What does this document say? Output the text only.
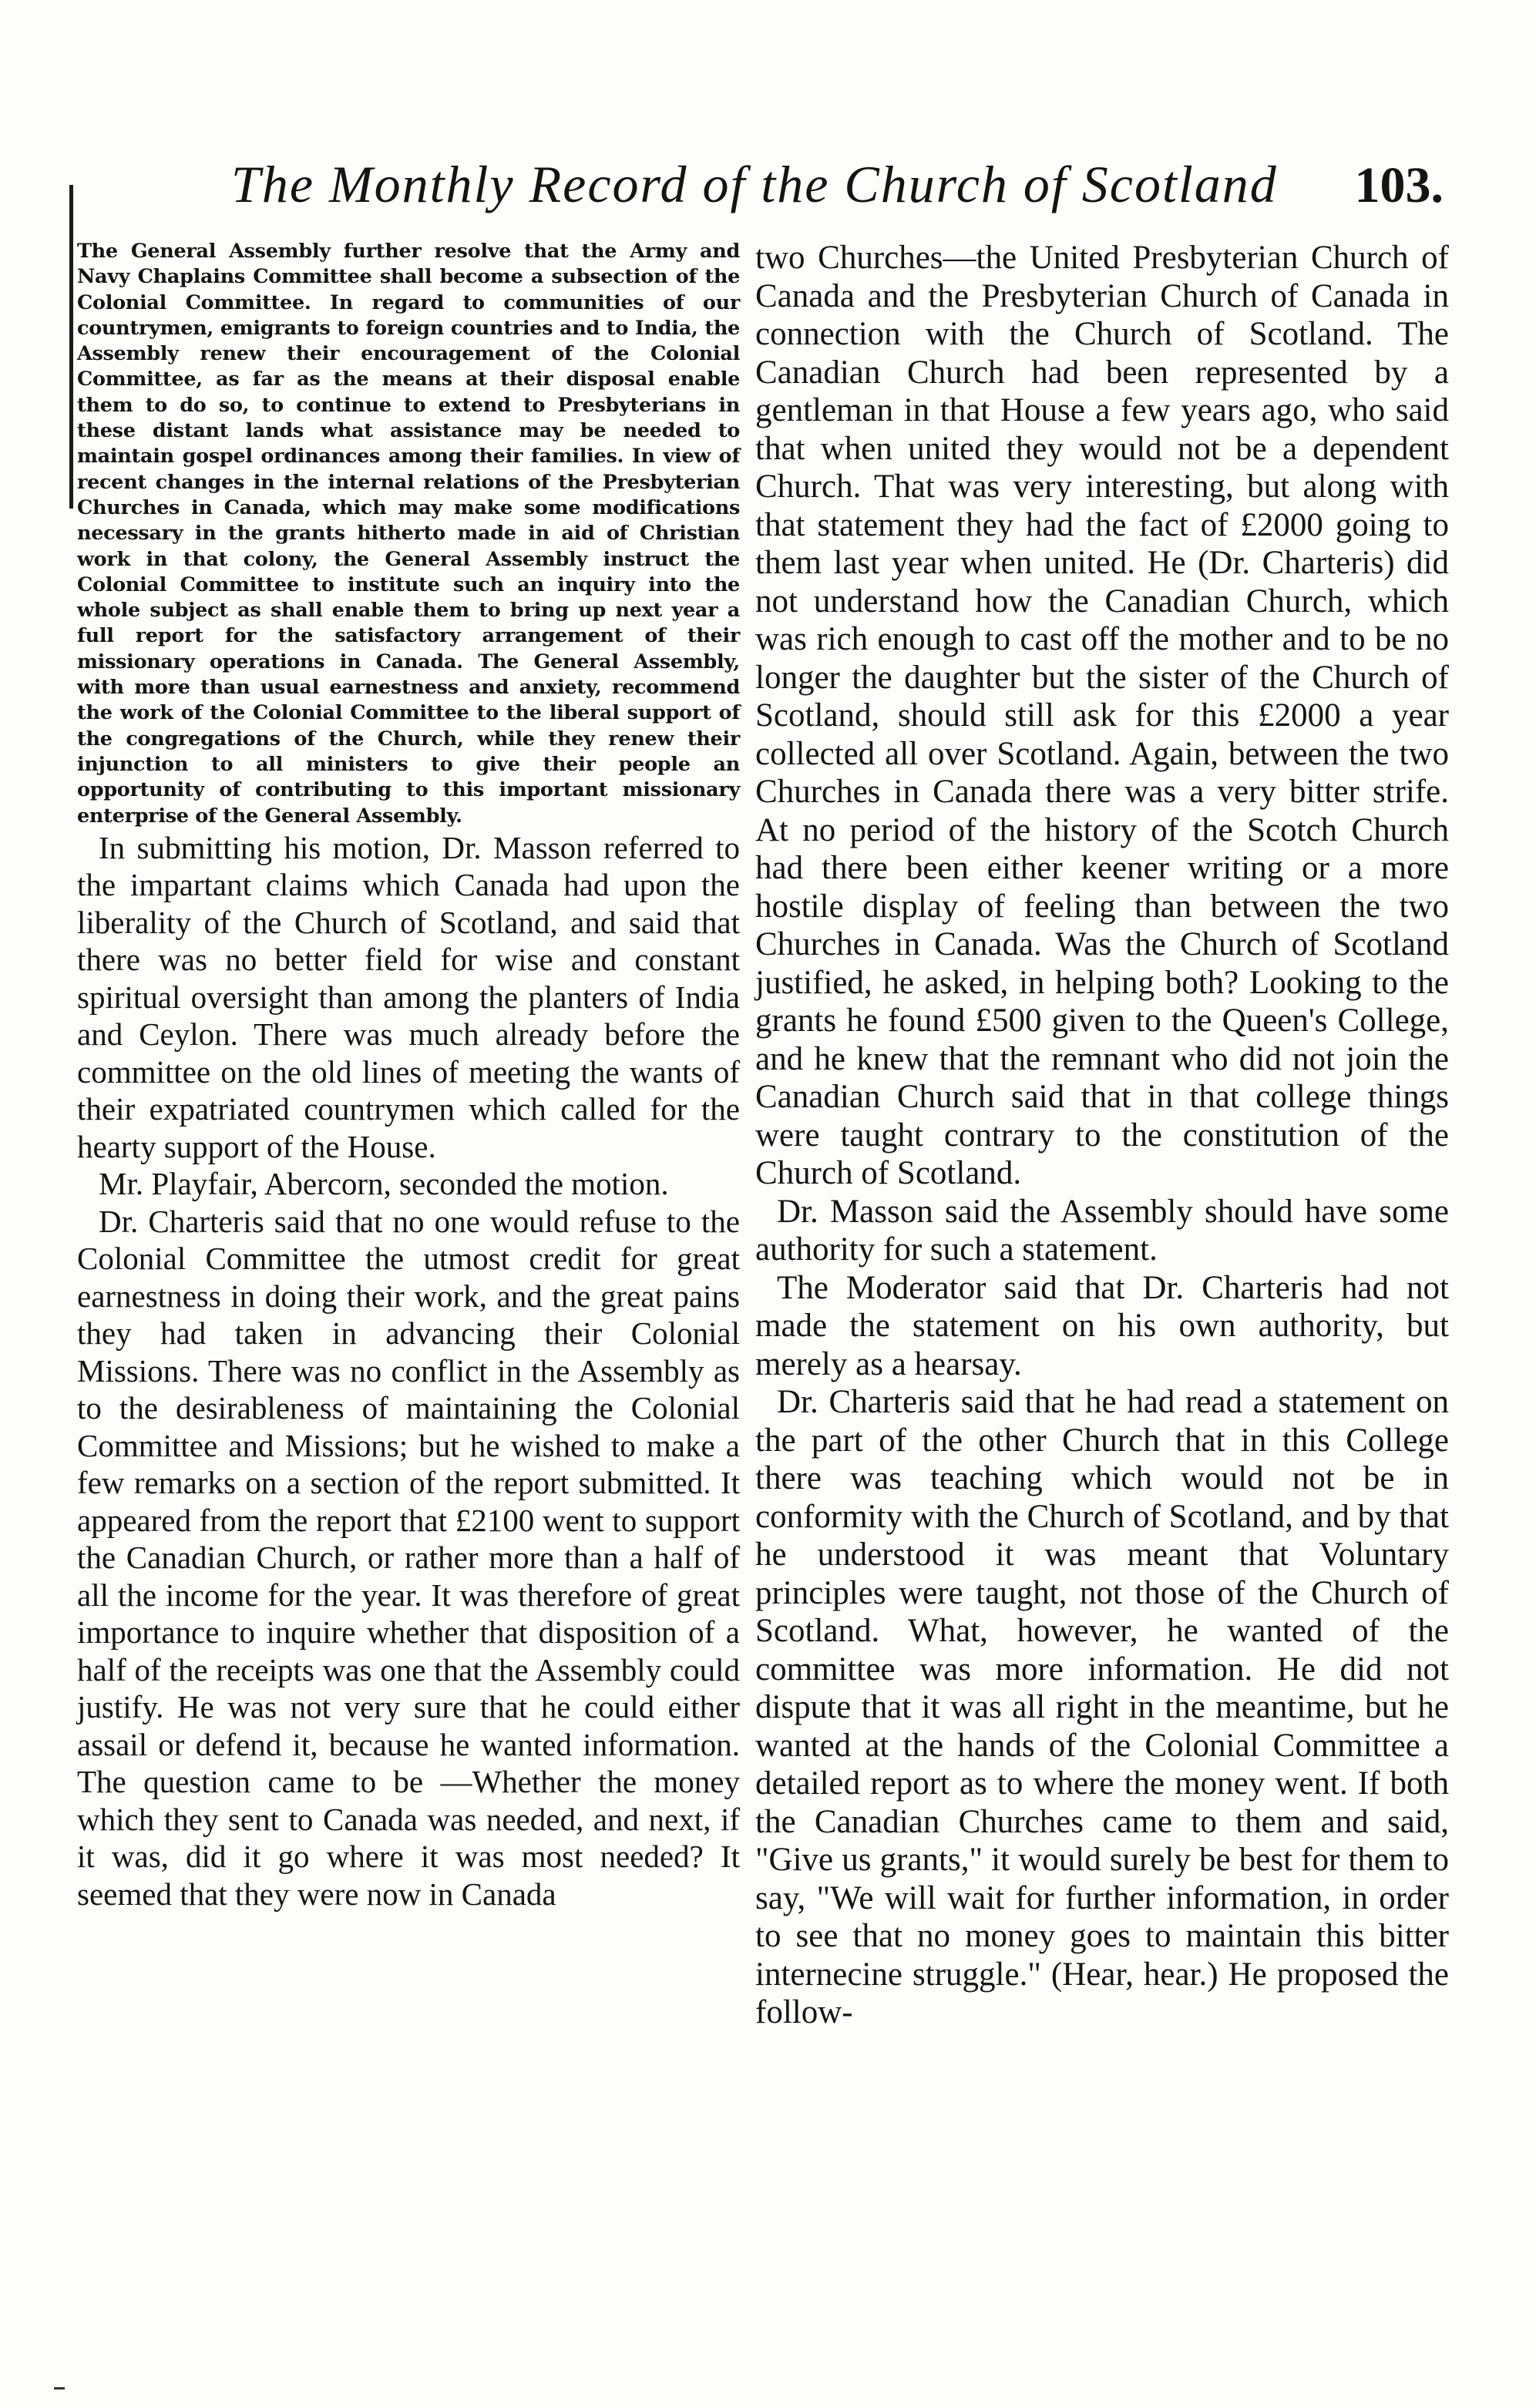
The Monthly Record of the Church of Scotland 103.

The General Assembly further resolve that the Army and Navy Chaplains Committee shall become a subsection of the Colonial Committee. In regard to communities of our countrymen, emigrants to foreign countries and to India, the Assembly renew their encouragement of the Colonial Committee, as far as the means at their disposal enable them to do so, to continue to extend to Presbyterians in these distant lands what assistance may be needed to maintain gospel ordinances among their families. In view of recent changes in the internal relations of the Presbyterian Churches in Canada, which may make some modifications necessary in the grants hitherto made in aid of Christian work in that colony, the General Assembly instruct the Colonial Committee to institute such an inquiry into the whole subject as shall enable them to bring up next year a full report for the satisfactory arrangement of their missionary operations in Canada. The General Assembly, with more than usual earnestness and anxiety, recommend the work of the Colonial Committee to the liberal support of the congregations of the Church, while they renew their injunction to all ministers to give their people an opportunity of contributing to this important missionary enterprise of the General Assembly.

In submitting his motion, Dr. Masson referred to the impartant claims which Canada had upon the liberality of the Church of Scotland, and said that there was no better field for wise and constant spiritual oversight than among the planters of India and Ceylon. There was much already before the committee on the old lines of meeting the wants of their expatriated countrymen which called for the hearty support of the House.

Mr. Playfair, Abercorn, seconded the motion.

Dr. Charteris said that no one would refuse to the Colonial Committee the utmost credit for great earnestness in doing their work, and the great pains they had taken in advancing their Colonial Missions. There was no conflict in the Assembly as to the desirableness of maintaining the Colonial Committee and Missions; but he wished to make a few remarks on a section of the report submitted. It appeared from the report that £2100 went to support the Canadian Church, or rather more than a half of all the income for the year. It was therefore of great importance to inquire whether that disposition of a half of the receipts was one that the Assembly could justify. He was not very sure that he could either assail or defend it, because he wanted information. The question came to be —Whether the money which they sent to Canada was needed, and next, if it was, did it go where it was most needed? It seemed that they were now in Canada

two Churches—the United Presbyterian Church of Canada and the Presbyterian Church of Canada in connection with the Church of Scotland. The Canadian Church had been represented by a gentleman in that House a few years ago, who said that when united they would not be a dependent Church. That was very interesting, but along with that statement they had the fact of £2000 going to them last year when united. He (Dr. Charteris) did not understand how the Canadian Church, which was rich enough to cast off the mother and to be no longer the daughter but the sister of the Church of Scotland, should still ask for this £2000 a year collected all over Scotland. Again, between the two Churches in Canada there was a very bitter strife. At no period of the history of the Scotch Church had there been either keener writing or a more hostile display of feeling than between the two Churches in Canada. Was the Church of Scotland justified, he asked, in helping both? Looking to the grants he found £500 given to the Queen's College, and he knew that the remnant who did not join the Canadian Church said that in that college things were taught contrary to the constitution of the Church of Scotland.

Dr. Masson said the Assembly should have some authority for such a statement.

The Moderator said that Dr. Charteris had not made the statement on his own authority, but merely as a hearsay.

Dr. Charteris said that he had read a statement on the part of the other Church that in this College there was teaching which would not be in conformity with the Church of Scotland, and by that he understood it was meant that Voluntary principles were taught, not those of the Church of Scotland. What, however, he wanted of the committee was more information. He did not dispute that it was all right in the meantime, but he wanted at the hands of the Colonial Committee a detailed report as to where the money went. If both the Canadian Churches came to them and said, "Give us grants," it would surely be best for them to say, "We will wait for further information, in order to see that no money goes to maintain this bitter internecine struggle." (Hear, hear.) He proposed the follow-
